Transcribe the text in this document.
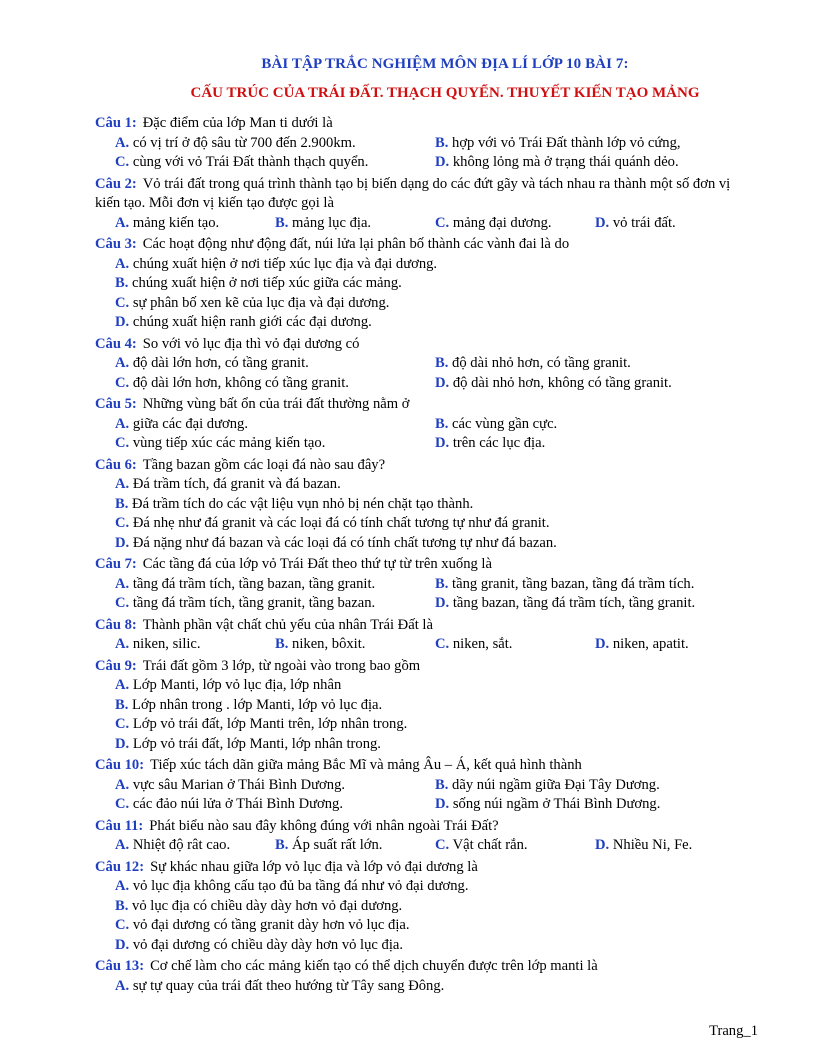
BÀI TẬP TRẮC NGHIỆM MÔN ĐỊA LÍ LỚP 10 BÀI 7:
CẤU TRÚC CỦA TRÁI ĐẤT. THẠCH QUYỂN. THUYẾT KIẾN TẠO MẢNG
Câu 1: Đặc điểm của lớp Man ti dưới là
A. có vị trí ở độ sâu từ 700 đến 2.900km.	B. hợp với vỏ Trái Đất thành lớp vỏ cứng,
C. cùng với vỏ Trái Đất thành thạch quyển.	D. không lỏng mà ở trạng thái quánh dẻo.
Câu 2: Vỏ trái đất trong quá trình thành tạo bị biến dạng do các đứt gãy và tách nhau ra thành một số đơn vị kiến tạo. Mỗi đơn vị kiến tạo được gọi là
A. mảng kiến tạo.	B. mảng lục địa.	C. mảng đại dương.	D. vỏ trái đất.
Câu 3: Các hoạt động như động đất, núi lửa lại phân bố thành các vành đai là do
A. chúng xuất hiện ở nơi tiếp xúc lục địa và đại dương.
B. chúng xuất hiện ở nơi tiếp xúc giữa các mảng.
C. sự phân bố xen kẽ của lục địa và đại dương.
D. chúng xuất hiện ranh giới các đại dương.
Câu 4: So với vỏ lục địa thì vỏ đại dương có
A. độ dài lớn hơn, có tầng granit.	B. độ dài nhỏ hơn, có tầng granit.
C. độ dài lớn hơn, không có tầng granit.	D. độ dài nhỏ hơn, không có tầng granit.
Câu 5: Những vùng bất ổn của trái đất thường nằm ở
A. giữa các đại dương.	B. các vùng gần cực.
C. vùng tiếp xúc các mảng kiến tạo.	D. trên các lục địa.
Câu 6: Tầng bazan gồm các loại đá nào sau đây?
A. Đá trầm tích, đá granit và đá bazan.
B. Đá trầm tích do các vật liệu vụn nhỏ bị nén chặt tạo thành.
C. Đá nhẹ như đá granit và các loại đá có tính chất tương tự như đá granit.
D. Đá nặng như đá bazan và các loại đá có tính chất tương tự như đá bazan.
Câu 7: Các tầng đá của lớp vỏ Trái Đất theo thứ tự từ trên xuống là
A. tầng đá trầm tích, tầng bazan, tầng granit.	B. tầng granit, tầng bazan, tầng đá trầm tích.
C. tầng đá trầm tích, tầng granit, tầng bazan.	D. tầng bazan, tầng đá trầm tích, tầng granit.
Câu 8: Thành phần vật chất chủ yếu của nhân Trái Đất là
A. niken, silic.	B. niken, bôxit.	C. niken, sắt.	D. niken, apatit.
Câu 9: Trái đất gồm 3 lớp, từ ngoài vào trong bao gồm
A. Lớp Manti, lớp vỏ lục địa, lớp nhân
B. Lớp nhân trong . lớp Manti, lớp vỏ lục địa.
C. Lớp vỏ trái đất, lớp Manti trên, lớp nhân trong.
D. Lớp vỏ trái đất, lớp Manti, lớp nhân trong.
Câu 10: Tiếp xúc tách dãn giữa mảng Bắc Mĩ và mảng Âu – Á, kết quả hình thành
A. vực sâu Marian ở Thái Bình Dương.	B. dãy núi ngầm giữa Đại Tây Dương.
C. các đảo núi lửa ở Thái Bình Dương.	D. sống núi ngầm ở Thái Bình Dương.
Câu 11: Phát biểu nào sau đây không đúng với nhân ngoài Trái Đất?
A. Nhiệt độ rât cao.	B. Áp suất rất lớn.	C. Vật chất rắn.	D. Nhiều Ni, Fe.
Câu 12: Sự khác nhau giữa lớp vỏ lục địa và lớp vỏ đại dương là
A. vỏ lục địa không cấu tạo đủ ba tầng đá như vỏ đại dương.
B. vỏ lục địa có chiều dày dày hơn vỏ đại dương.
C. vỏ đại dương có tầng granit dày hơn vỏ lục địa.
D. vỏ đại dương có chiều dày dày hơn vỏ lục địa.
Câu 13: Cơ chế làm cho các mảng kiến tạo có thể dịch chuyển được trên lớp manti là
A. sự tự quay của trái đất theo hướng từ Tây sang Đông.
Trang_1
